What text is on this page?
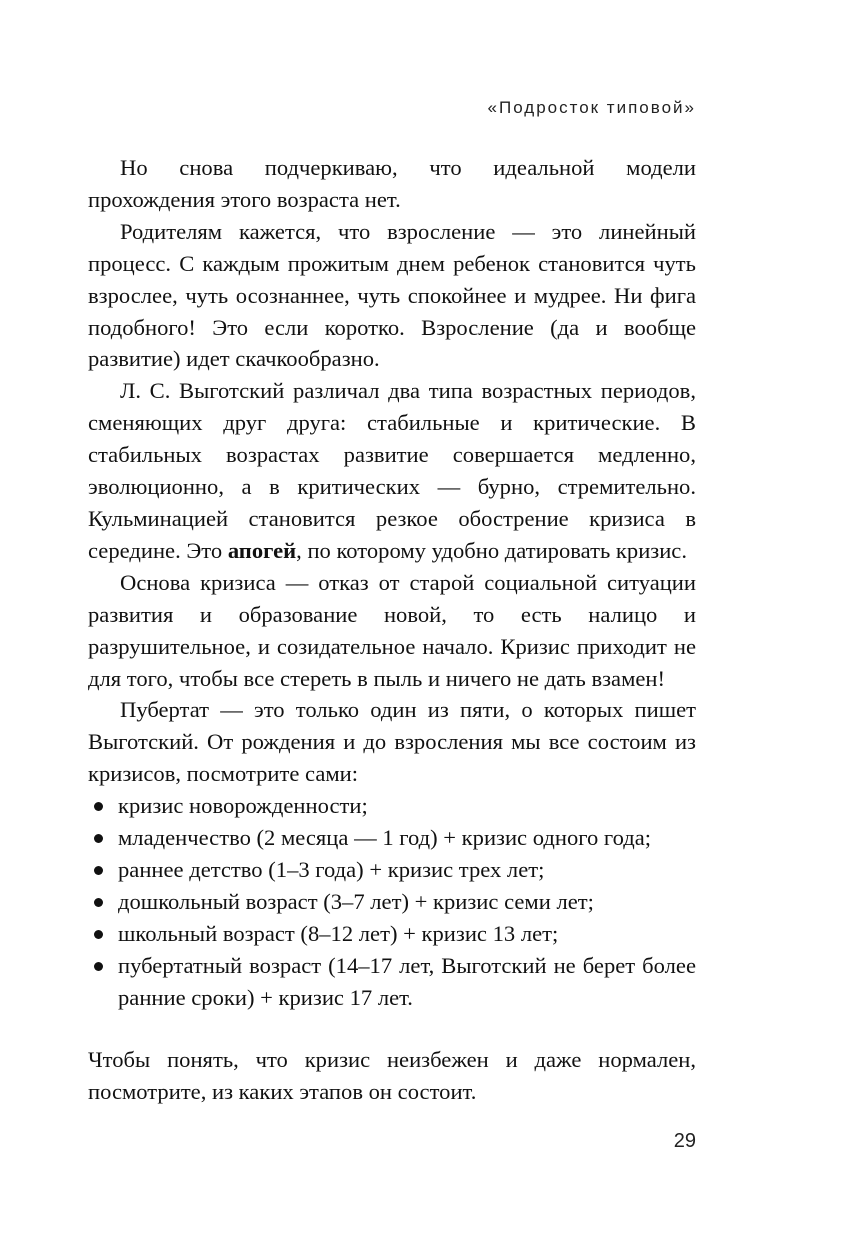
«Подросток типовой»

Но снова подчеркиваю, что идеальной модели прохождения этого возраста нет.

Родителям кажется, что взросление — это линейный процесс. С каждым прожитым днем ребенок становится чуть взрослее, чуть осознаннее, чуть спокойнее и мудрее. Ни фига подобного! Это если коротко. Взросление (да и вообще развитие) идет скачкообразно.

Л. С. Выготский различал два типа возрастных периодов, сменяющих друг друга: стабильные и критические. В стабильных возрастах развитие совершается медленно, эволюционно, а в критических — бурно, стремительно. Кульминацией становится резкое обострение кризиса в середине. Это апогей, по которому удобно датировать кризис.

Основа кризиса — отказ от старой социальной ситуации развития и образование новой, то есть налицо и разрушительное, и созидательное начало. Кризис приходит не для того, чтобы все стереть в пыль и ничего не дать взамен!

Пубертат — это только один из пяти, о которых пишет Выготский. От рождения и до взросления мы все состоим из кризисов, посмотрите сами:

кризис новорожденности;
младенчество (2 месяца — 1 год) + кризис одного года;
раннее детство (1–3 года) + кризис трех лет;
дошкольный возраст (3–7 лет) + кризис семи лет;
школьный возраст (8–12 лет) + кризис 13 лет;
пубертатный возраст (14–17 лет, Выготский не берет более ранние сроки) + кризис 17 лет.

Чтобы понять, что кризис неизбежен и даже нормален, посмотрите, из каких этапов он состоит.

29
